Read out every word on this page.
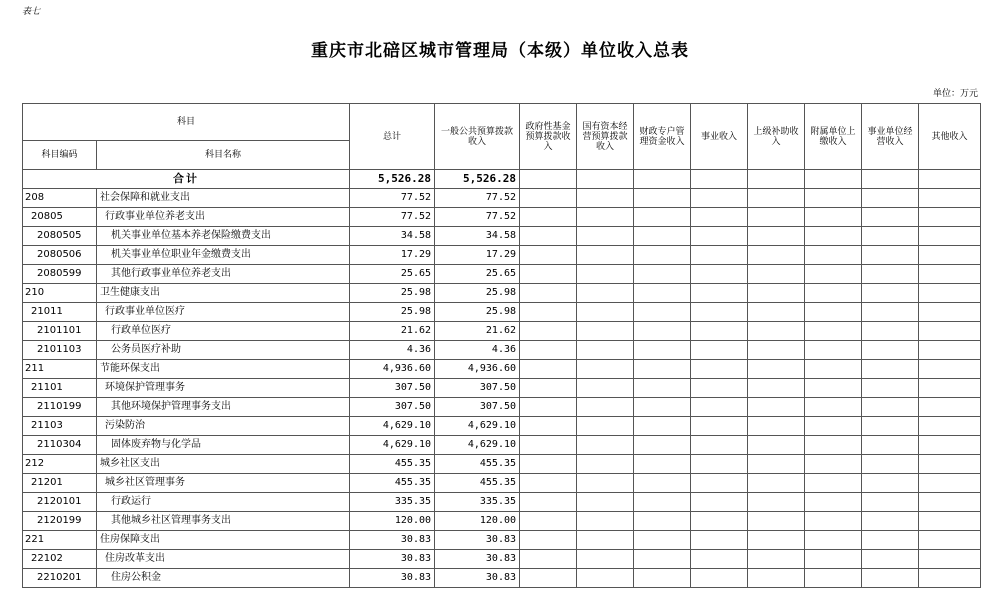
表七
重庆市北碚区城市管理局（本级）单位收入总表
单位：万元
科目		总计	一般公共预算拨款收入	政府性基金预算拨款收入	国有资本经营预算拨款收入	财政专户管理资金收入	事业收入	上级补助收入	附属单位上缴收入	事业单位经营收入	其他收入
科目编码	科目名称										
合计		5,526.28	5,526.28								
208	社会保障和就业支出	77.52	77.52								
20805	行政事业单位养老支出	77.52	77.52								
2080505	机关事业单位基本养老保险缴费支出	34.58	34.58								
2080506	机关事业单位职业年金缴费支出	17.29	17.29								
2080599	其他行政事业单位养老支出	25.65	25.65								
210	卫生健康支出	25.98	25.98								
21011	行政事业单位医疗	25.98	25.98								
2101101	行政单位医疗	21.62	21.62								
2101103	公务员医疗补助	4.36	4.36								
211	节能环保支出	4,936.60	4,936.60								
21101	环境保护管理事务	307.50	307.50								
2110199	其他环境保护管理事务支出	307.50	307.50								
21103	污染防治	4,629.10	4,629.10								
2110304	固体废弃物与化学品	4,629.10	4,629.10								
212	城乡社区支出	455.35	455.35								
21201	城乡社区管理事务	455.35	455.35								
2120101	行政运行	335.35	335.35								
2120199	其他城乡社区管理事务支出	120.00	120.00								
221	住房保障支出	30.83	30.83								
22102	住房改革支出	30.83	30.83								
2210201	住房公积金	30.83	30.83								
